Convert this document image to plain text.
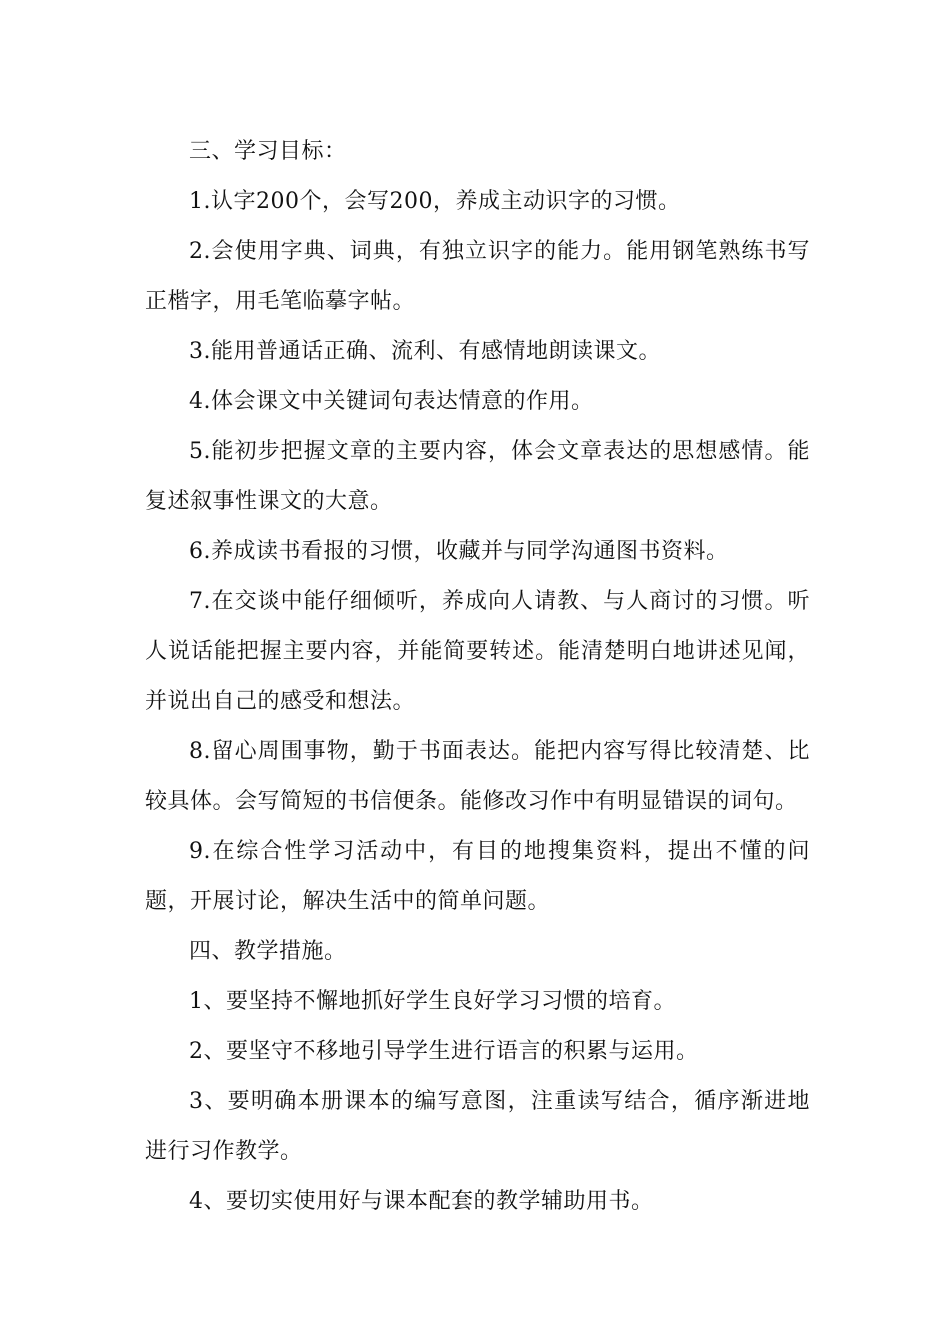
三、学习目标：

1.认字200个，会写200，养成主动识字的习惯。

2.会使用字典、词典，有独立识字的能力。能用钢笔熟练书写正楷字，用毛笔临摹字帖。

3.能用普通话正确、流利、有感情地朗读课文。

4.体会课文中关键词句表达情意的作用。

5.能初步把握文章的主要内容，体会文章表达的思想感情。能复述叙事性课文的大意。

6.养成读书看报的习惯，收藏并与同学沟通图书资料。

7.在交谈中能仔细倾听，养成向人请教、与人商讨的习惯。听人说话能把握主要内容，并能简要转述。能清楚明白地讲述见闻，并说出自己的感受和想法。

8.留心周围事物，勤于书面表达。能把内容写得比较清楚、比较具体。会写简短的书信便条。能修改习作中有明显错误的词句。

9.在综合性学习活动中，有目的地搜集资料，提出不懂的问题，开展讨论，解决生活中的简单问题。

四、教学措施。

1、要坚持不懈地抓好学生良好学习习惯的培育。

2、要坚守不移地引导学生进行语言的积累与运用。

3、要明确本册课本的编写意图，注重读写结合，循序渐进地进行习作教学。

4、要切实使用好与课本配套的教学辅助用书。
